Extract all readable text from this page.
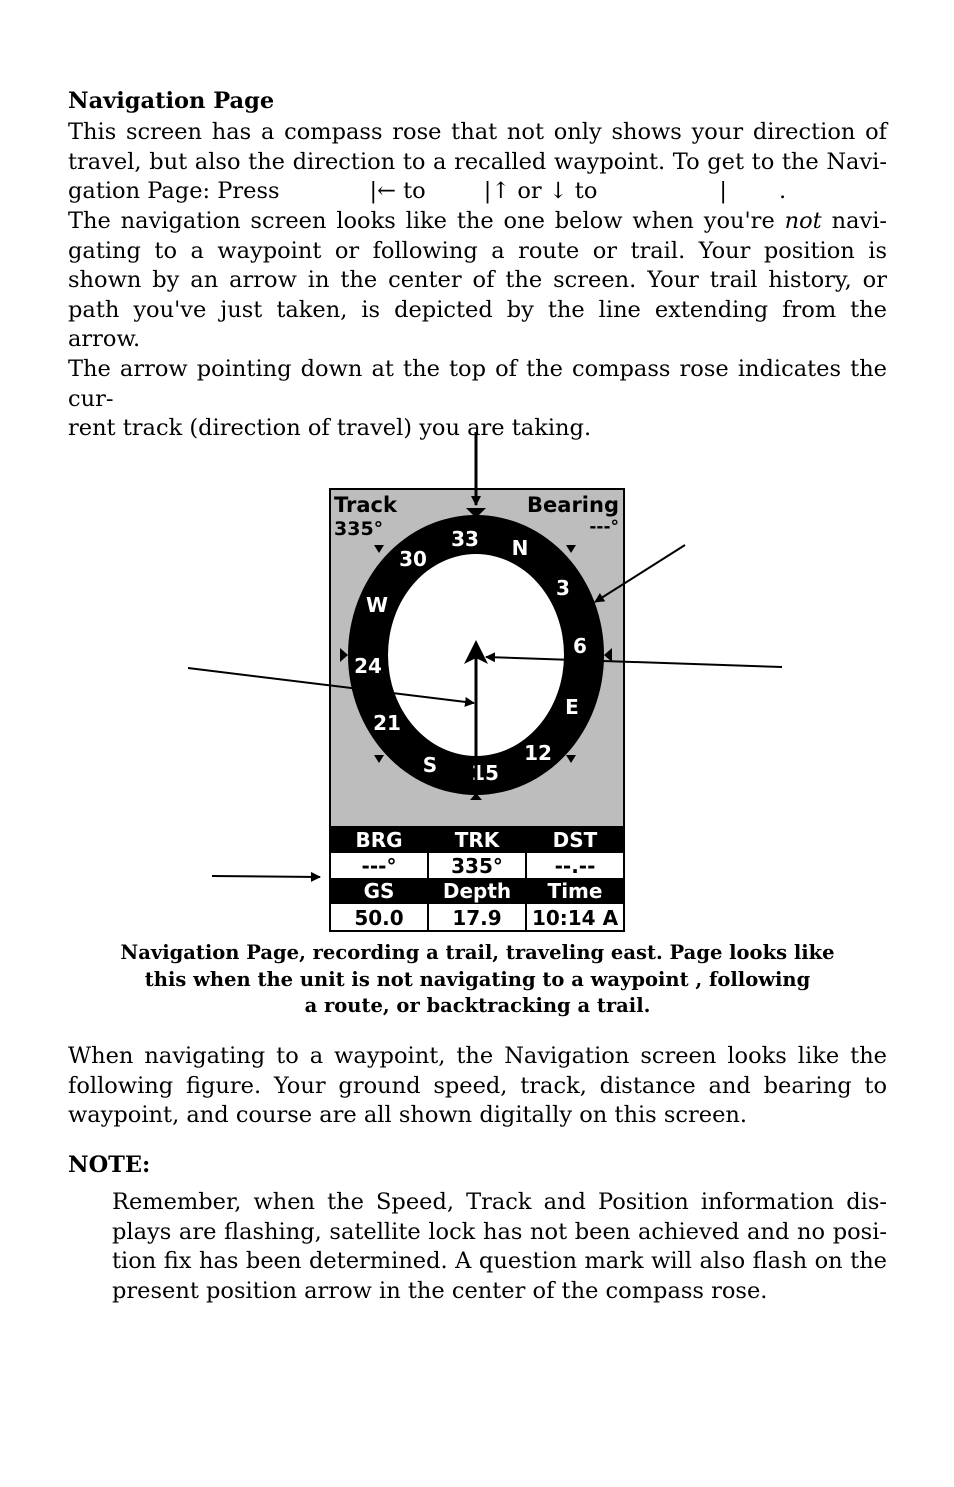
Navigation Page
This screen has a compass rose that not only shows your direction of
travel, but also the direction to a recalled waypoint. To get to the Navi-
gation Page: Press	|← to	|↑ or ↓ to	| .
The navigation screen looks like the one below when you're not navi-
gating to a waypoint or following a route or trail. Your position is
shown by an arrow in the center of the screen. Your trail history, or
path you've just taken, is depicted by the line extending from the arrow.
The arrow pointing down at the top of the compass rose indicates the cur-
rent track (direction of travel) you are taking.
33 N
3
6
E
12
15
S
21
24
W
30
Track
335°
Bearing
---°
BRG	TRK	DST
---°	335°	--.--
GS Depth Time
50.0 17.9 10:14 A
Navigation Page, recording a trail, traveling east. Page looks like
this when the unit is not navigating to a waypoint , following
a route, or backtracking a trail.
When navigating to a waypoint, the Navigation screen looks like the
following figure. Your ground speed, track, distance and bearing to
waypoint, and course are all shown digitally on this screen.
NOTE:
Remember, when the Speed, Track and Position information dis-
plays are flashing, satellite lock has not been achieved and no posi-
tion fix has been determined. A question mark will also flash on the
present position arrow in the center of the compass rose.
